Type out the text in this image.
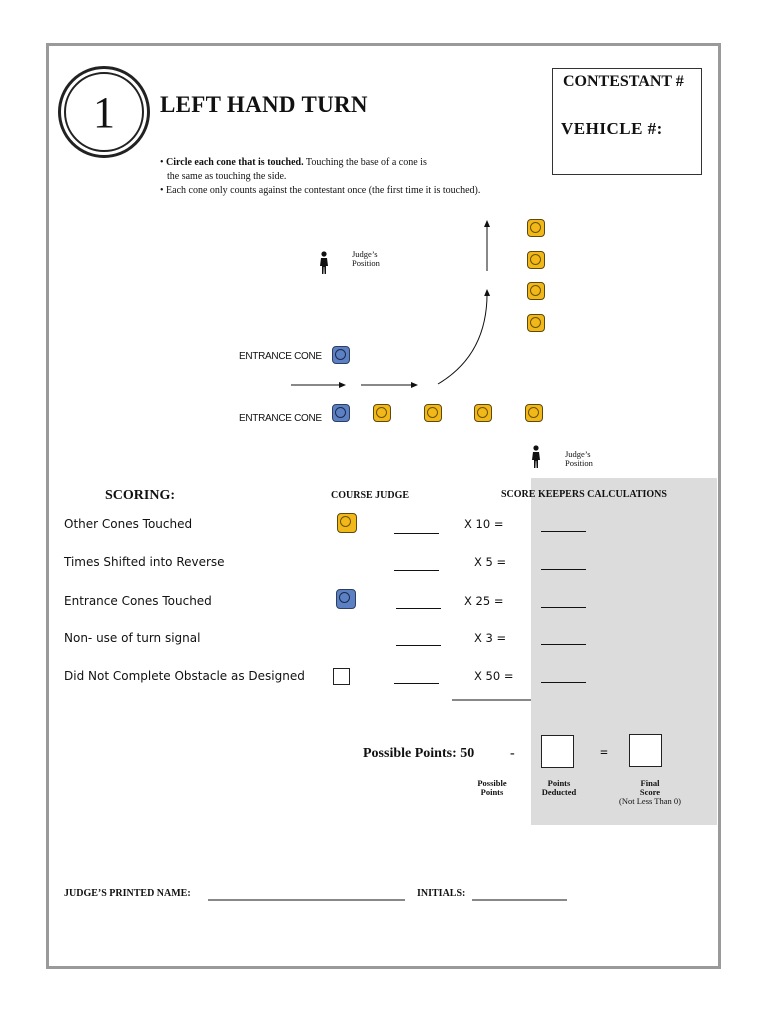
1	LEFT HAND TURN
CONTESTANT #
VEHICLE #:
• Circle each cone that is touched. Touching the base of a cone is
the same as touching the side.
• Each cone only counts against the contestant once (the first time it is touched).
ENTRANCE CONE
ENTRANCE CONE
Judge’s
Position
Judge’s
Position
SCORING:	COURSE JUDGE	SCORE KEEPERS CALCULATIONS
Other Cones Touched	X 10 =
Times Shifted into Reverse	X 5 =
Entrance Cones Touched	X 25 =
Non- use of turn signal	X 3 =
Did Not Complete Obstacle as Designed	X 50 =
Possible Points: 50	-	=
Possible
Points
Points
Deducted
Final
Score
(Not Less Than 0)
JUDGE’S PRINTED NAME:	INITIALS:
